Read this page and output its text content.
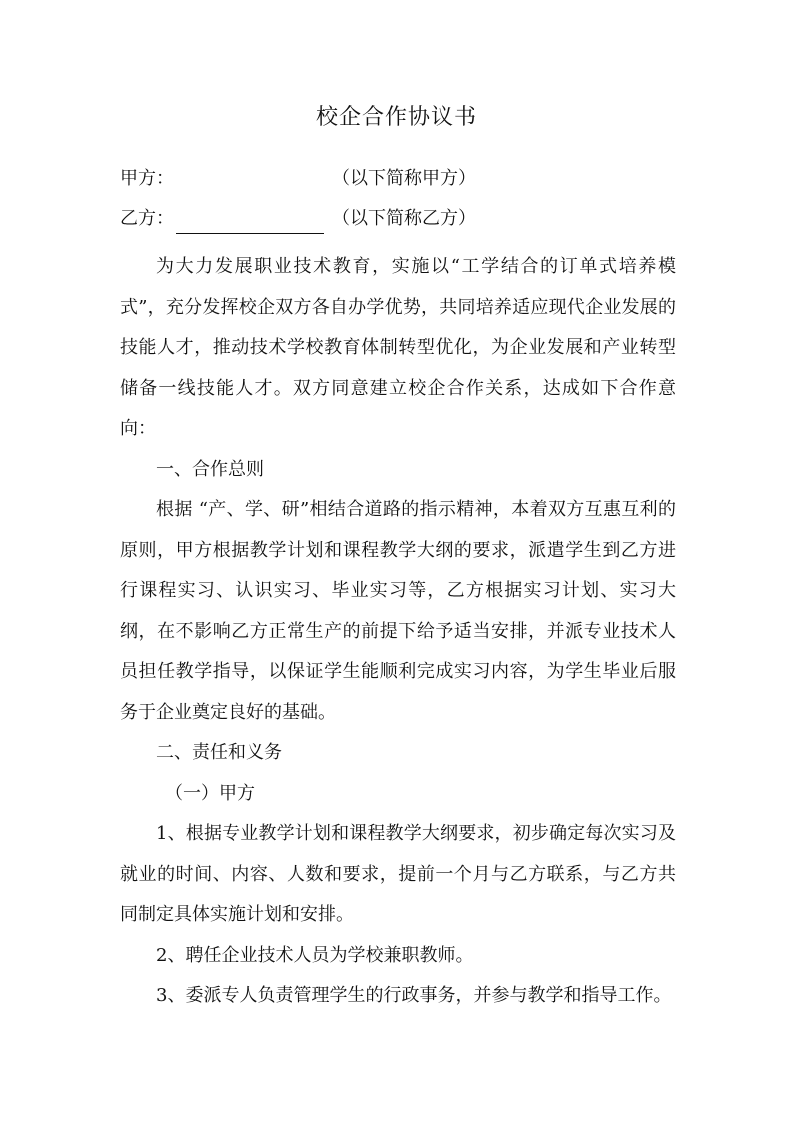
校企合作协议书
甲方：	（以下简称甲方）
乙方：	（以下简称乙方）

为大力发展职业技术教育，实施以“工学结合的订单式培养模式”，充分发挥校企双方各自办学优势，共同培养适应现代企业发展的技能人才，推动技术学校教育体制转型优化，为企业发展和产业转型储备一线技能人才。双方同意建立校企合作关系，达成如下合作意向：

一、合作总则

根据 “产、学、研”相结合道路的指示精神，本着双方互惠互利的原则，甲方根据教学计划和课程教学大纲的要求，派遣学生到乙方进行课程实习、认识实习、毕业实习等，乙方根据实习计划、实习大纲，在不影响乙方正常生产的前提下给予适当安排，并派专业技术人员担任教学指导，以保证学生能顺利完成实习内容，为学生毕业后服务于企业奠定良好的基础。

二、责任和义务

（一）甲方

1、根据专业教学计划和课程教学大纲要求，初步确定每次实习及就业的时间、内容、人数和要求，提前一个月与乙方联系，与乙方共同制定具体实施计划和安排。

2、聘任企业技术人员为学校兼职教师。

3、委派专人负责管理学生的行政事务，并参与教学和指导工作。
